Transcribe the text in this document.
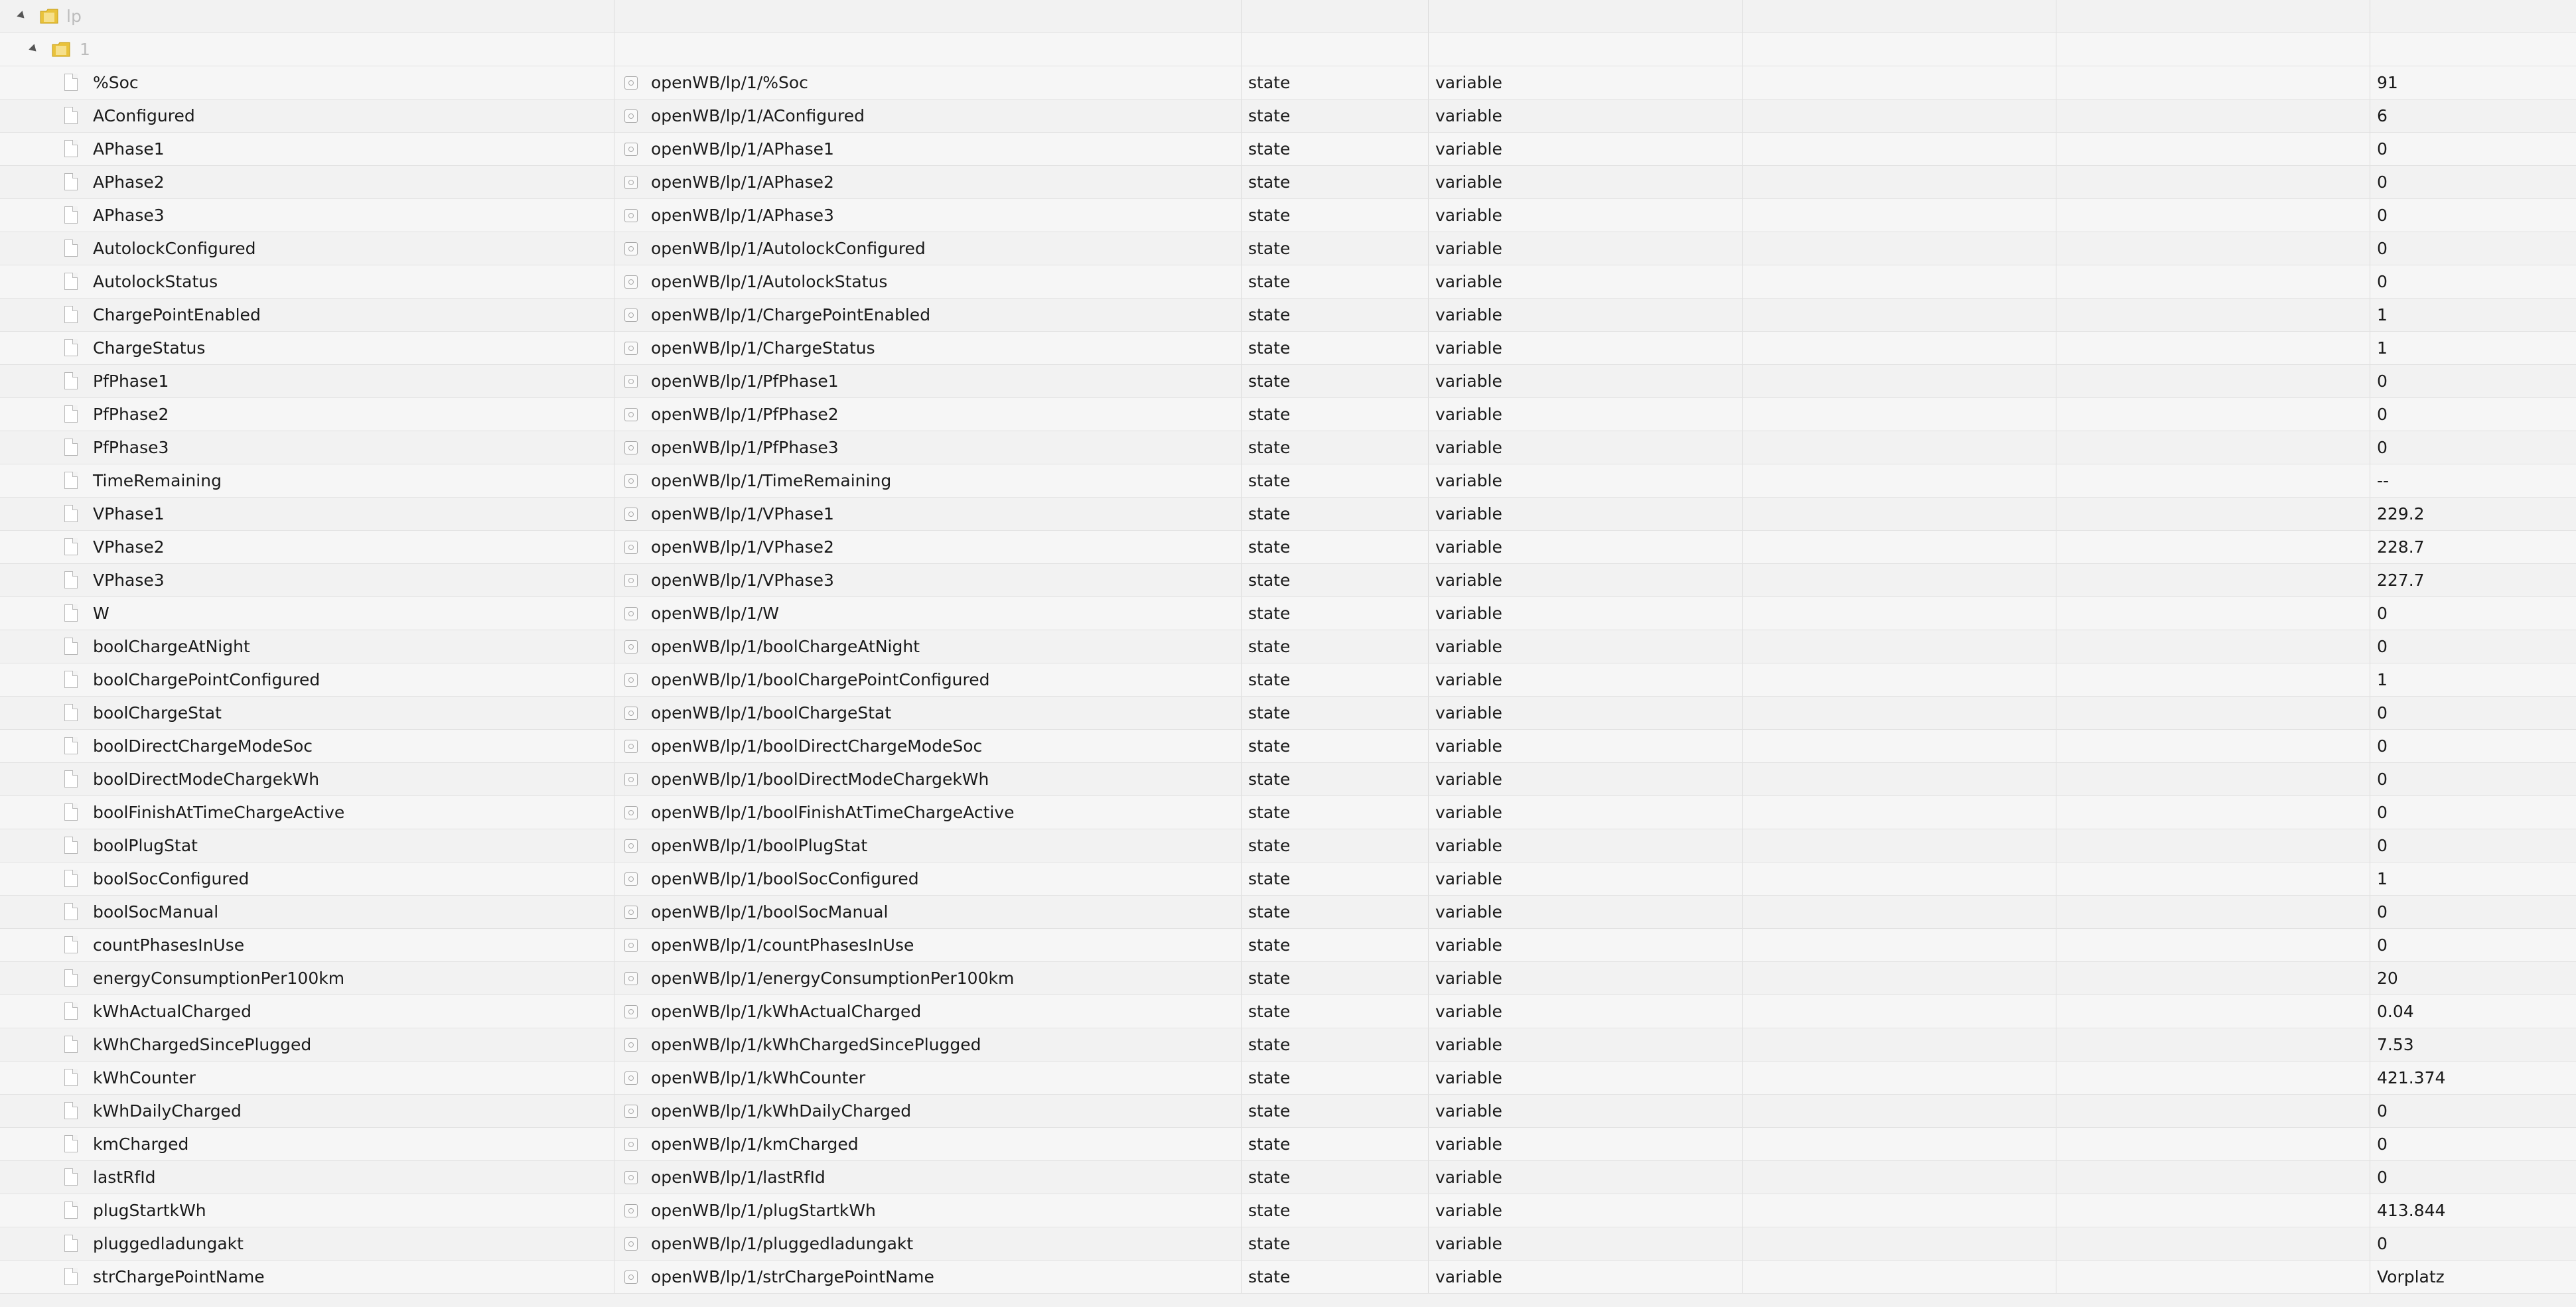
lp
1
%Soc	openWB/lp/1/%Soc	state	variable	91
AConfigured	openWB/lp/1/AConfigured	state	variable	6
APhase1	openWB/lp/1/APhase1	state	variable	0
APhase2	openWB/lp/1/APhase2	state	variable	0
APhase3	openWB/lp/1/APhase3	state	variable	0
AutolockConfigured	openWB/lp/1/AutolockConfigured	state	variable	0
AutolockStatus	openWB/lp/1/AutolockStatus	state	variable	0
ChargePointEnabled	openWB/lp/1/ChargePointEnabled	state	variable	1
ChargeStatus	openWB/lp/1/ChargeStatus	state	variable	1
PfPhase1	openWB/lp/1/PfPhase1	state	variable	0
PfPhase2	openWB/lp/1/PfPhase2	state	variable	0
PfPhase3	openWB/lp/1/PfPhase3	state	variable	0
TimeRemaining	openWB/lp/1/TimeRemaining	state	variable	--
VPhase1	openWB/lp/1/VPhase1	state	variable	229.2
VPhase2	openWB/lp/1/VPhase2	state	variable	228.7
VPhase3	openWB/lp/1/VPhase3	state	variable	227.7
W	openWB/lp/1/W	state	variable	0
boolChargeAtNight	openWB/lp/1/boolChargeAtNight	state	variable	0
boolChargePointConfigured	openWB/lp/1/boolChargePointConfigured	state	variable	1
boolChargeStat	openWB/lp/1/boolChargeStat	state	variable	0
boolDirectChargeModeSoc	openWB/lp/1/boolDirectChargeModeSoc	state	variable	0
boolDirectModeChargekWh	openWB/lp/1/boolDirectModeChargekWh	state	variable	0
boolFinishAtTimeChargeActive	openWB/lp/1/boolFinishAtTimeChargeActive	state	variable	0
boolPlugStat	openWB/lp/1/boolPlugStat	state	variable	0
boolSocConfigured	openWB/lp/1/boolSocConfigured	state	variable	1
boolSocManual	openWB/lp/1/boolSocManual	state	variable	0
countPhasesInUse	openWB/lp/1/countPhasesInUse	state	variable	0
energyConsumptionPer100km	openWB/lp/1/energyConsumptionPer100km	state	variable	20
kWhActualCharged	openWB/lp/1/kWhActualCharged	state	variable	0.04
kWhChargedSincePlugged	openWB/lp/1/kWhChargedSincePlugged	state	variable	7.53
kWhCounter	openWB/lp/1/kWhCounter	state	variable	421.374
kWhDailyCharged	openWB/lp/1/kWhDailyCharged	state	variable	0
kmCharged	openWB/lp/1/kmCharged	state	variable	0
lastRfId	openWB/lp/1/lastRfId	state	variable	0
plugStartkWh	openWB/lp/1/plugStartkWh	state	variable	413.844
pluggedladungakt	openWB/lp/1/pluggedladungakt	state	variable	0
strChargePointName	openWB/lp/1/strChargePointName	state	variable	Vorplatz
